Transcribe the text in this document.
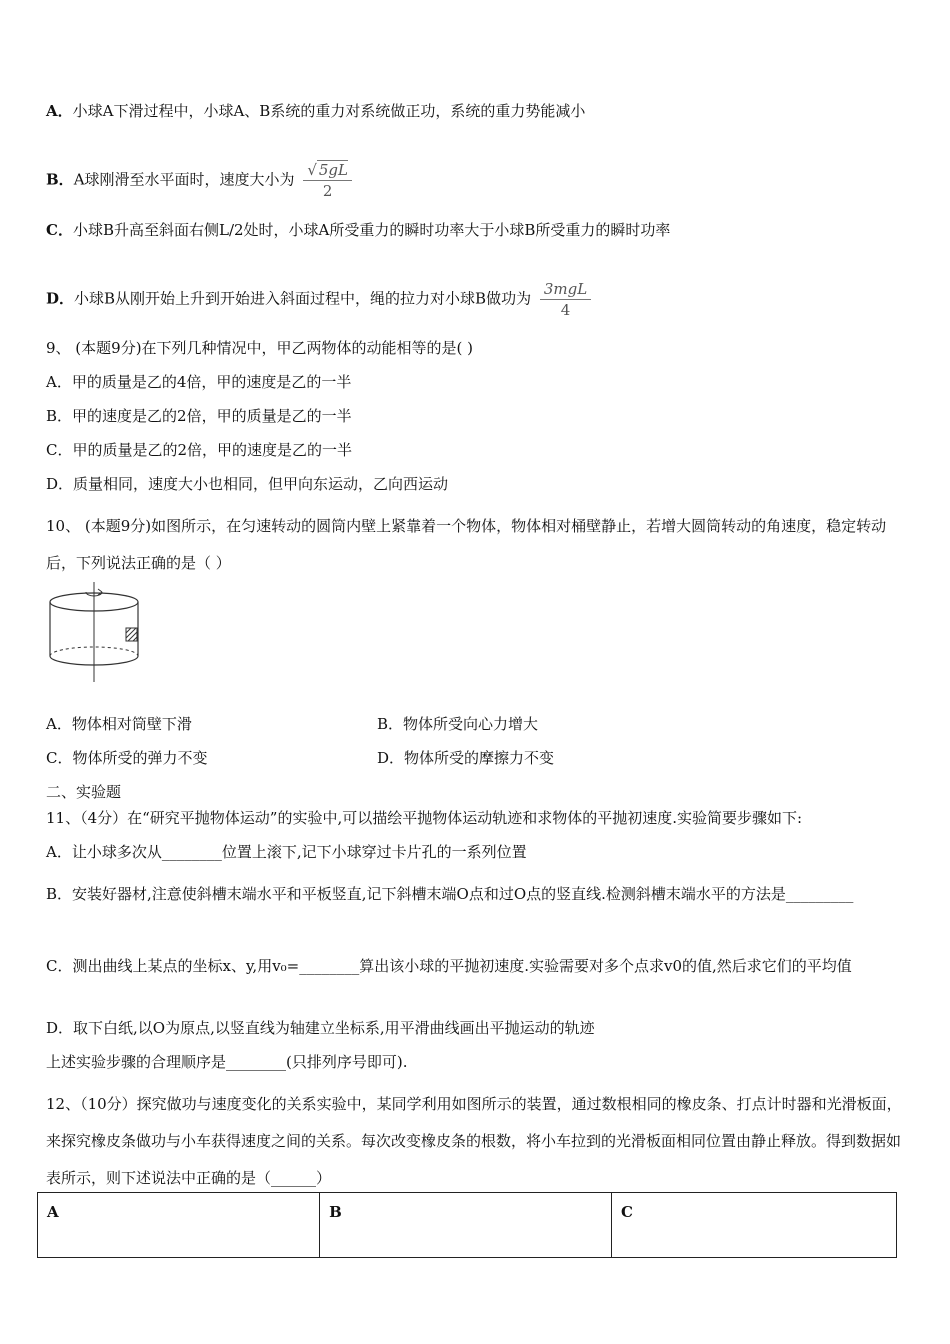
A．小球A下滑过程中，小球A、B系统的重力对系统做正功，系统的重力势能减小
B．A球刚滑至水平面时，速度大小为 $\frac{√ 5gL}{2}$
C．小球B升高至斜面右侧L/2处时，小球A所受重力的瞬时功率大于小球B所受重力的瞬时功率
D．小球B从刚开始上升到开始进入斜面过程中，绳的拉力对小球B做功为 $\frac{\text{3mgL}}{4}$
9、 (本题9分)在下列几种情况中，甲乙两物体的动能相等的是( )
A．甲的质量是乙的4倍，甲的速度是乙的一半
B．甲的速度是乙的2倍，甲的质量是乙的一半
C．甲的质量是乙的2倍，甲的速度是乙的一半
D．质量相同，速度大小也相同，但甲向东运动，乙向西运动
10、 (本题9分)如图所示，在匀速转动的圆筒内壁上紧靠着一个物体，物体相对桶壁静止，若增大圆筒转动的角速度，稳定转动后，下列说法正确的是（ ）
A．物体相对筒壁下滑	B．物体所受向心力增大
C．物体所受的弹力不变	D．物体所受的摩擦力不变
二、实验题
11、（4分）在“研究平抛物体运动”的实验中,可以描绘平抛物体运动轨迹和求物体的平抛初速度.实验简要步骤如下:
A．让小球多次从________位置上滚下,记下小球穿过卡片孔的一系列位置
B．安装好器材,注意使斜槽末端水平和平板竖直,记下斜槽末端O点和过O点的竖直线.检测斜槽末端水平的方法是_________
C．测出曲线上某点的坐标x、y,用v₀=________算出该小球的平抛初速度.实验需要对多个点求v0的值,然后求它们的平均值
D．取下白纸,以O为原点,以竖直线为轴建立坐标系,用平滑曲线画出平抛运动的轨迹
上述实验步骤的合理顺序是________(只排列序号即可).
12、（10分）探究做功与速度变化的关系实验中，某同学利用如图所示的装置，通过数根相同的橡皮条、打点计时器和光滑板面，来探究橡皮条做功与小车获得速度之间的关系。每次改变橡皮条的根数，将小车拉到的光滑板面相同位置由静止释放。得到数据如表所示，则下述说法中正确的是（______）
A	B	C
